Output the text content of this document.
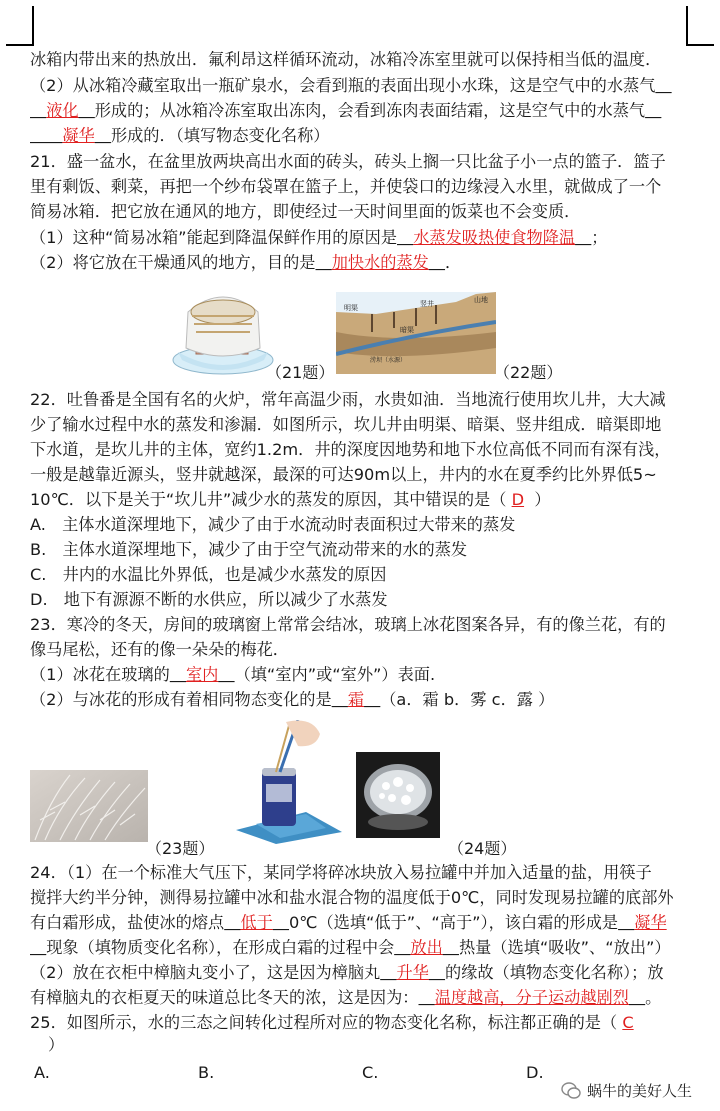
冰箱内带出来的热放出．氟利昂这样循环流动，冰箱冷冻室里就可以保持相当低的温度．
（2）从冰箱冷藏室取出一瓶矿泉水，会看到瓶的表面出现小水珠，这是空气中的水蒸气＿
＿液化＿形成的；从冰箱冷冻室取出冻肉，会看到冻肉表面结霜，这是空气中的水蒸气＿
＿＿凝华＿形成的．（填写物态变化名称）
21．盛一盆水，在盆里放两块高出水面的砖头，砖头上搁一只比盆子小一点的篮子．篮子
里有剩饭、剩菜，再把一个纱布袋罩在篮子上，并使袋口的边缘浸入水里，就做成了一个
简易冰箱．把它放在通风的地方，即使经过一天时间里面的饭菜也不会变质．
（1）这种“简易冰箱”能起到降温保鲜作用的原因是＿水蒸发吸热使食物降温＿；
（2）将它放在干燥通风的地方，目的是＿加快水的蒸发＿．
（21题）
明渠
竖井
暗渠
山地
涝坝（水源）
（22题）
22．吐鲁番是全国有名的火炉，常年高温少雨，水贵如油．当地流行使用坎儿井，大大减
少了输水过程中水的蒸发和渗漏．如图所示，坎儿井由明渠、暗渠、竖井组成．暗渠即地
下水道，是坎儿井的主体，宽约1.2m．井的深度因地势和地下水位高低不同而有深有浅，
一般是越靠近源头，竖井就越深，最深的可达90m以上，井内的水在夏季约比外界低5~
10℃．以下是关于“坎儿井”减少水的蒸发的原因，其中错误的是（ D ）
A.　主体水道深埋地下，减少了由于水流动时表面积过大带来的蒸发
B.　主体水道深埋地下，减少了由于空气流动带来的水的蒸发
C.　井内的水温比外界低，也是减少水蒸发的原因
D.　地下有源源不断的水供应，所以减少了水蒸发
23．寒冷的冬天，房间的玻璃窗上常常会结冰，玻璃上冰花图案各异，有的像兰花，有的
像马尾松，还有的像一朵朵的梅花．
（1）冰花在玻璃的＿室内＿（填“室内”或“室外”）表面.
（2）与冰花的形成有着相同物态变化的是＿霜＿（a．霜 b．雾 c．露 ）
（23题）	（24题）
24．（1）在一个标准大气压下，某同学将碎冰块放入易拉罐中并加入适量的盐，用筷子
搅拌大约半分钟，测得易拉罐中冰和盐水混合物的温度低于0℃，同时发现易拉罐的底部外
有白霜形成，盐使冰的熔点＿低于＿0℃（选填“低于”、“高于”），该白霜的形成是＿凝华
＿现象（填物质变化名称），在形成白霜的过程中会＿放出＿热量（选填“吸收”、“放出”）
（2）放在衣柜中樟脑丸变小了，这是因为樟脑丸＿升华＿的缘故（填物态变化名称）；放
有樟脑丸的衣柜夏天的味道总比冬天的浓，这是因为：＿温度越高，分子运动越剧烈＿。
25．如图所示，水的三态之间转化过程所对应的物态变化名称，标注都正确的是（ C
）
A.	B.	C.	D.
蜗牛的美好人生
